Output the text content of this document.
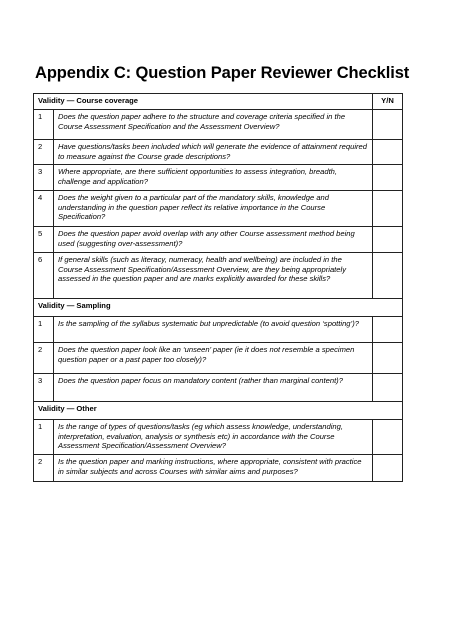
Appendix C: Question Paper Reviewer Checklist
Validity — Course coverage		Y/N
1	Does the question paper adhere to the structure and coverage criteria specified in the Course Assessment Specification and the Assessment Overview?	
2	Have questions/tasks been included which will generate the evidence of attainment required to measure against the Course grade descriptions?	
3	Where appropriate, are there sufficient opportunities to assess integration, breadth, challenge and application?	
4	Does the weight given to a particular part of the mandatory skills, knowledge and understanding in the question paper reflect its relative importance in the Course Specification?	
5	Does the question paper avoid overlap with any other Course assessment method being used (suggesting over-assessment)?	
6	If general skills (such as literacy, numeracy, health and wellbeing) are included in the Course Assessment Specification/Assessment Overview, are they being appropriately assessed in the question paper and are marks explicitly awarded for these skills?	
Validity — Sampling		
1	Is the sampling of the syllabus systematic but unpredictable (to avoid question ‘spotting’)?	
2	Does the question paper look like an ‘unseen’ paper (ie it does not resemble a specimen question paper or a past paper too closely)?	
3	Does the question paper focus on mandatory content (rather than marginal content)?	
Validity — Other		
1	Is the range of types of questions/tasks (eg which assess knowledge, understanding, interpretation, evaluation, analysis or synthesis etc) in accordance with the Course Assessment Specification/Assessment Overview?	
2	Is the question paper and marking instructions, where appropriate, consistent with practice in similar subjects and across Courses with similar aims and purposes?	
